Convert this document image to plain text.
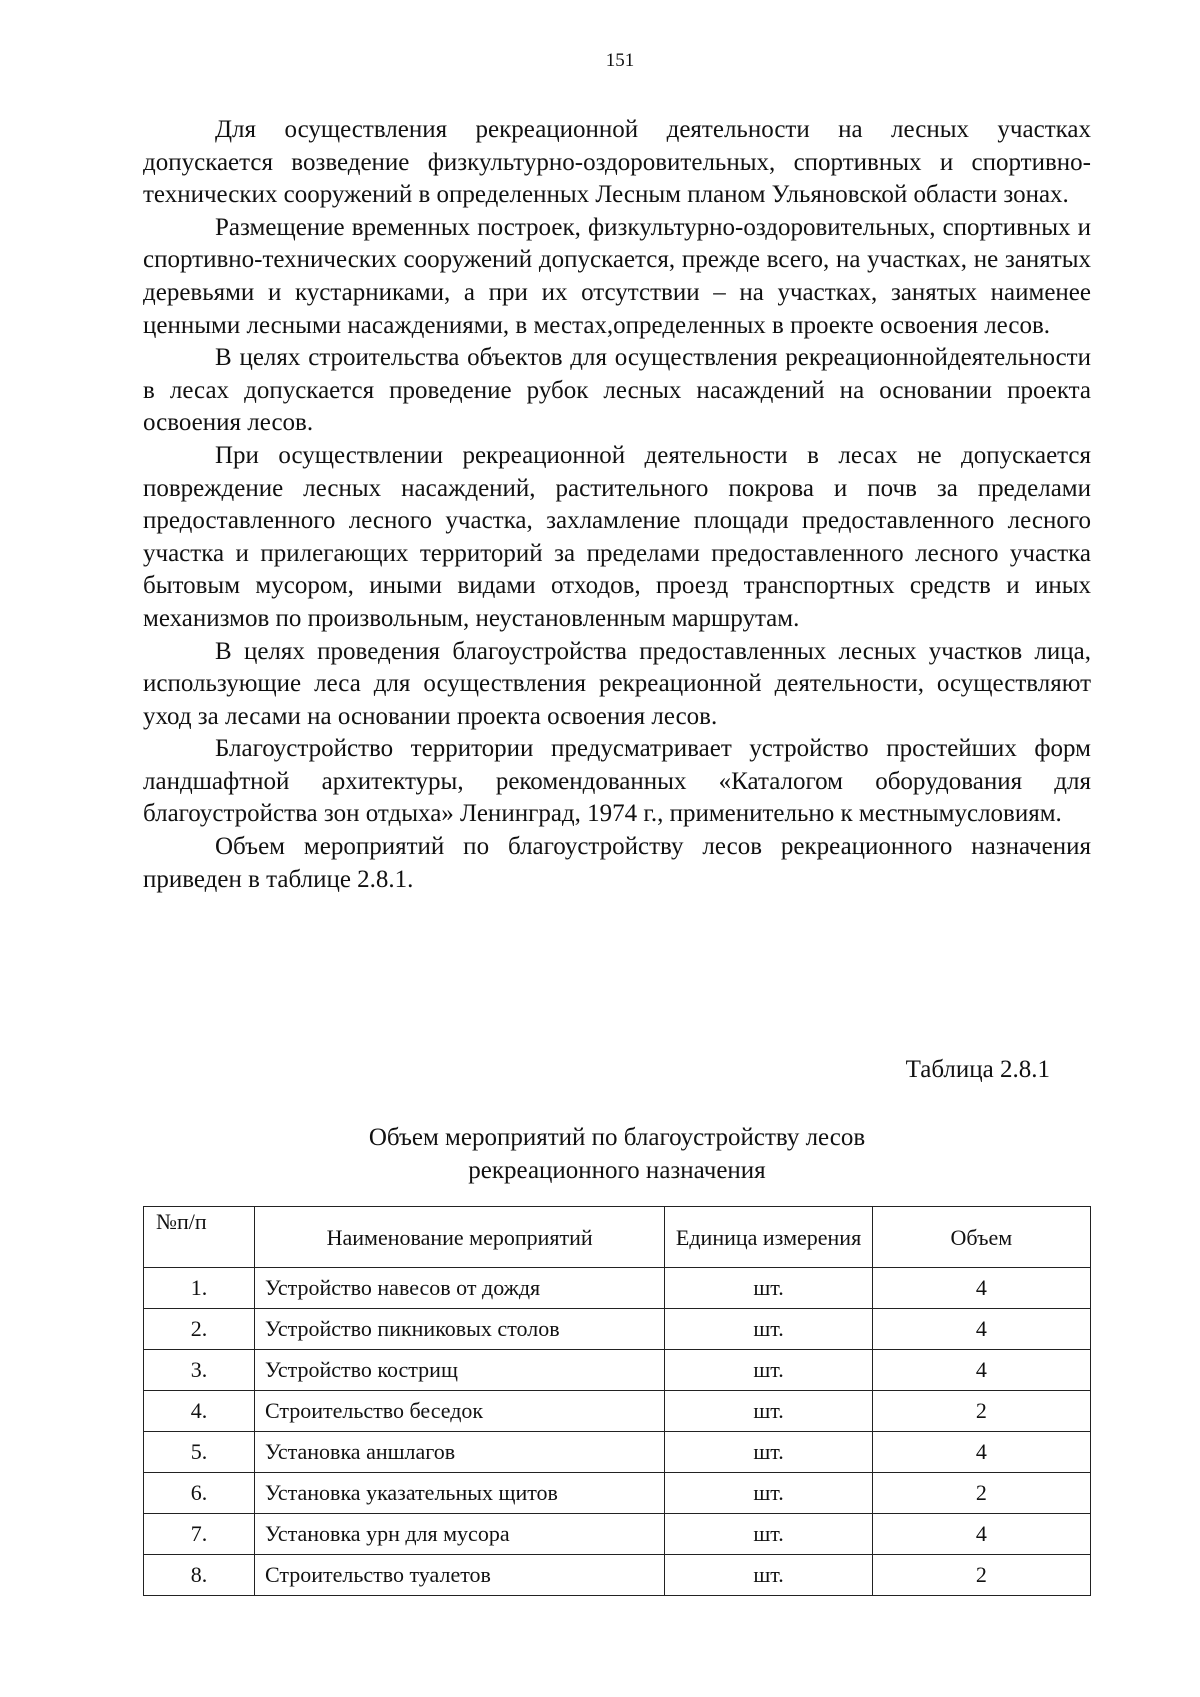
151

Для осуществления рекреационной деятельности на лесных участках допускается возведение физкультурно-оздоровительных, спортивных и спортивно-технических сооружений в определенных Лесным планом Ульяновской области зонах.

Размещение временных построек, физкультурно-оздоровительных, спортивных и спортивно-технических сооружений допускается, прежде всего, на участках, не занятых деревьями и кустарниками, а при их отсутствии – на участках, занятых наименее ценными лесными насаждениями, в местах,определенных в проекте освоения лесов.

В целях строительства объектов для осуществления рекреационнойдеятельности в лесах допускается проведение рубок лесных насаждений на основании проекта освоения лесов.

При осуществлении рекреационной деятельности в лесах не допускается повреждение лесных насаждений, растительного покрова и почв за пределами предоставленного лесного участка, захламление площади предоставленного лесного участка и прилегающих территорий за пределами предоставленного лесного участка бытовым мусором, иными видами отходов, проезд транспортных средств и иных механизмов по произвольным, неустановленным маршрутам.

В целях проведения благоустройства предоставленных лесных участков лица, использующие леса для осуществления рекреационной деятельности, осуществляют уход за лесами на основании проекта освоения лесов.

Благоустройство территории предусматривает устройство простейших форм ландшафтной архитектуры, рекомендованных «Каталогом оборудования для благоустройства зон отдыха» Ленинград, 1974 г., применительно к местнымусловиям.

Объем мероприятий по благоустройству лесов рекреационного назначения приведен в таблице 2.8.1.

Таблица 2.8.1
Объем мероприятий по благоустройству лесов
рекреационного назначения
№п/п	Наименование мероприятий	Единица измерения	Объем
1.	Устройство навесов от дождя	шт.	4
2.	Устройство пикниковых столов	шт.	4
3.	Устройство кострищ	шт.	4
4.	Строительство беседок	шт.	2
5.	Установка аншлагов	шт.	4
6.	Установка указательных щитов	шт.	2
7.	Установка урн для мусора	шт.	4
8.	Строительство туалетов	шт.	2
